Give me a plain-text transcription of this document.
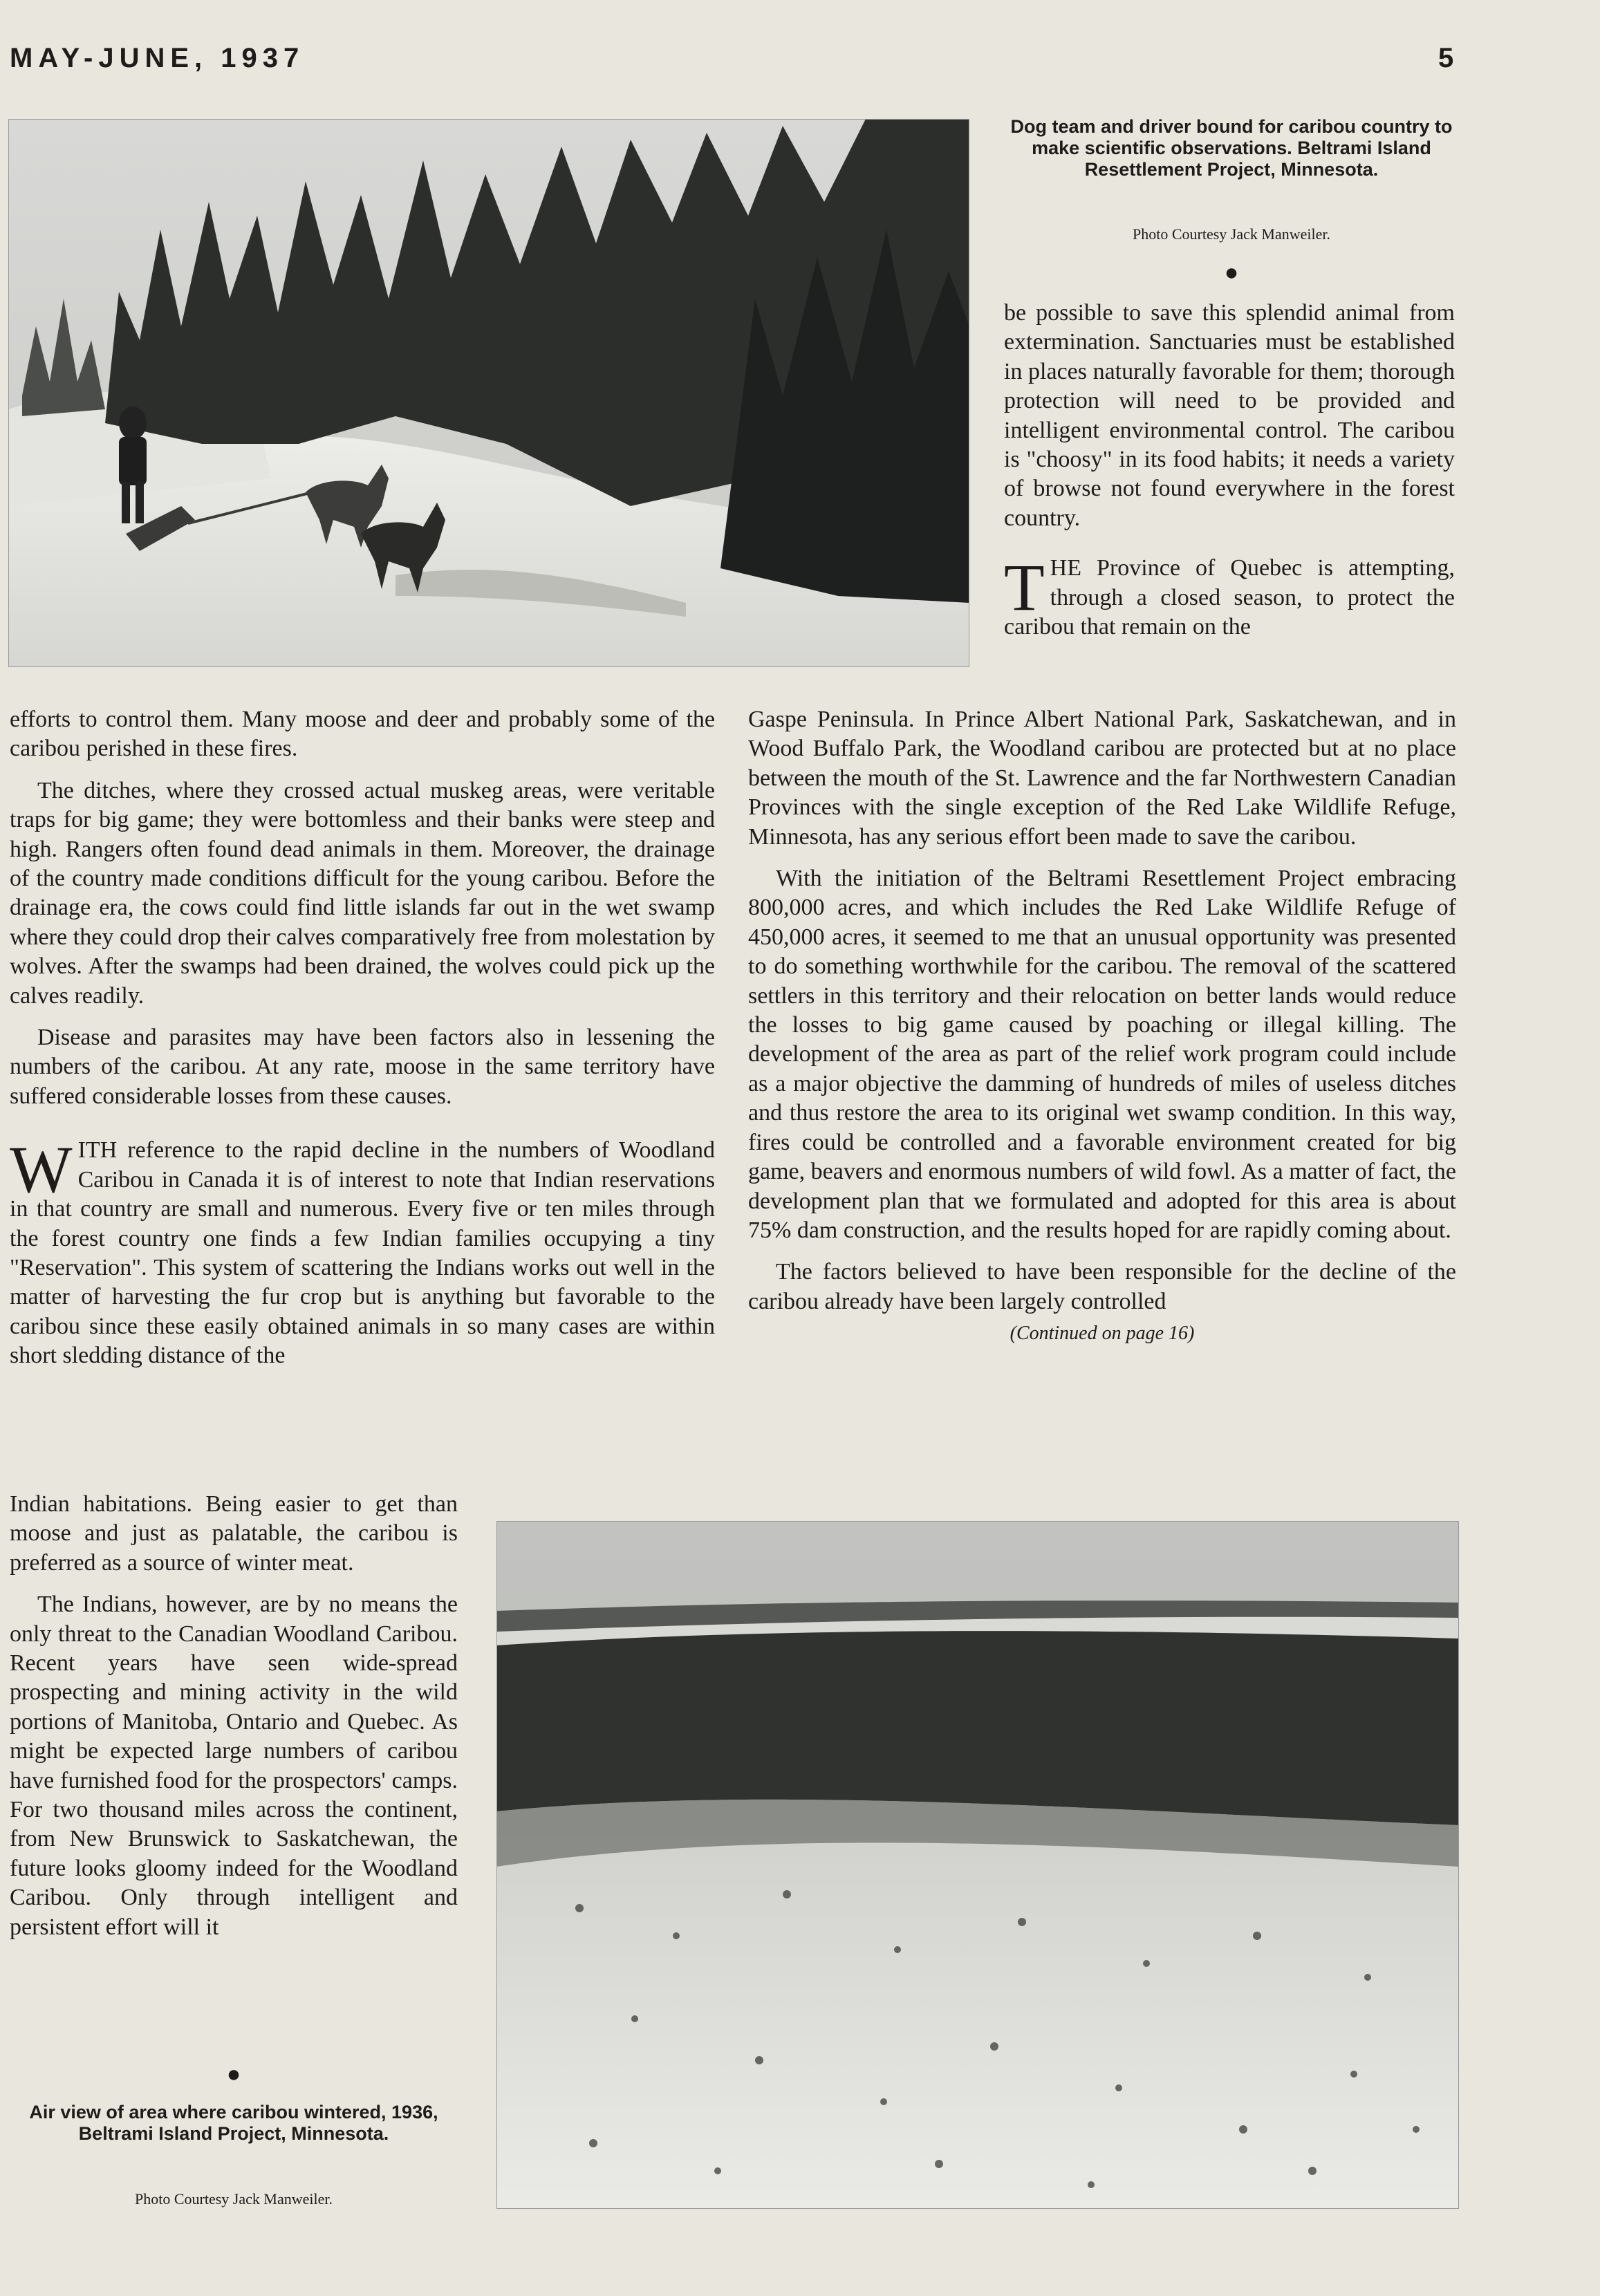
MAY-JUNE, 1937	5
Dog team and driver bound for caribou country to make scientific observations. Beltrami Island Resettlement Project, Minnesota.
Photo Courtesy Jack Manweiler.
●

be possible to save this splendid animal from extermination. Sanctuaries must be established in places naturally favorable for them; thorough protection will need to be provided and intelligent environmental control. The caribou is "choosy" in its food habits; it needs a variety of browse not found everywhere in the forest country.

THE Province of Quebec is attempting, through a closed season, to protect the caribou that remain on the

efforts to control them. Many moose and deer and probably some of the caribou perished in these fires.

The ditches, where they crossed actual muskeg areas, were veritable traps for big game; they were bottomless and their banks were steep and high. Rangers often found dead animals in them. Moreover, the drainage of the country made conditions difficult for the young caribou. Before the drainage era, the cows could find little islands far out in the wet swamp where they could drop their calves comparatively free from molestation by wolves. After the swamps had been drained, the wolves could pick up the calves readily.

Disease and parasites may have been factors also in lessening the numbers of the caribou. At any rate, moose in the same territory have suffered considerable losses from these causes.

WITH reference to the rapid decline in the numbers of Woodland Caribou in Canada it is of interest to note that Indian reservations in that country are small and numerous. Every five or ten miles through the forest country one finds a few Indian families occupying a tiny "Reservation". This system of scattering the Indians works out well in the matter of harvesting the fur crop but is anything but favorable to the caribou since these easily obtained animals in so many cases are within short sledding distance of the

Indian habitations. Being easier to get than moose and just as palatable, the caribou is preferred as a source of winter meat.

The Indians, however, are by no means the only threat to the Canadian Woodland Caribou. Recent years have seen wide-spread prospecting and mining activity in the wild portions of Manitoba, Ontario and Quebec. As might be expected large numbers of caribou have furnished food for the prospectors' camps. For two thousand miles across the continent, from New Brunswick to Saskatchewan, the future looks gloomy indeed for the Woodland Caribou. Only through intelligent and persistent effort will it

●
Air view of area where caribou wintered, 1936, Beltrami Island Project, Minnesota.
Photo Courtesy Jack Manweiler.

Gaspe Peninsula. In Prince Albert National Park, Saskatchewan, and in Wood Buffalo Park, the Woodland caribou are protected but at no place between the mouth of the St. Lawrence and the far Northwestern Canadian Provinces with the single exception of the Red Lake Wildlife Refuge, Minnesota, has any serious effort been made to save the caribou.

With the initiation of the Beltrami Resettlement Project embracing 800,000 acres, and which includes the Red Lake Wildlife Refuge of 450,000 acres, it seemed to me that an unusual opportunity was presented to do something worthwhile for the caribou. The removal of the scattered settlers in this territory and their relocation on better lands would reduce the losses to big game caused by poaching or illegal killing. The development of the area as part of the relief work program could include as a major objective the damming of hundreds of miles of useless ditches and thus restore the area to its original wet swamp condition. In this way, fires could be controlled and a favorable environment created for big game, beavers and enormous numbers of wild fowl. As a matter of fact, the development plan that we formulated and adopted for this area is about 75% dam construction, and the results hoped for are rapidly coming about.

The factors believed to have been responsible for the decline of the caribou already have been largely controlled

(Continued on page 16)
